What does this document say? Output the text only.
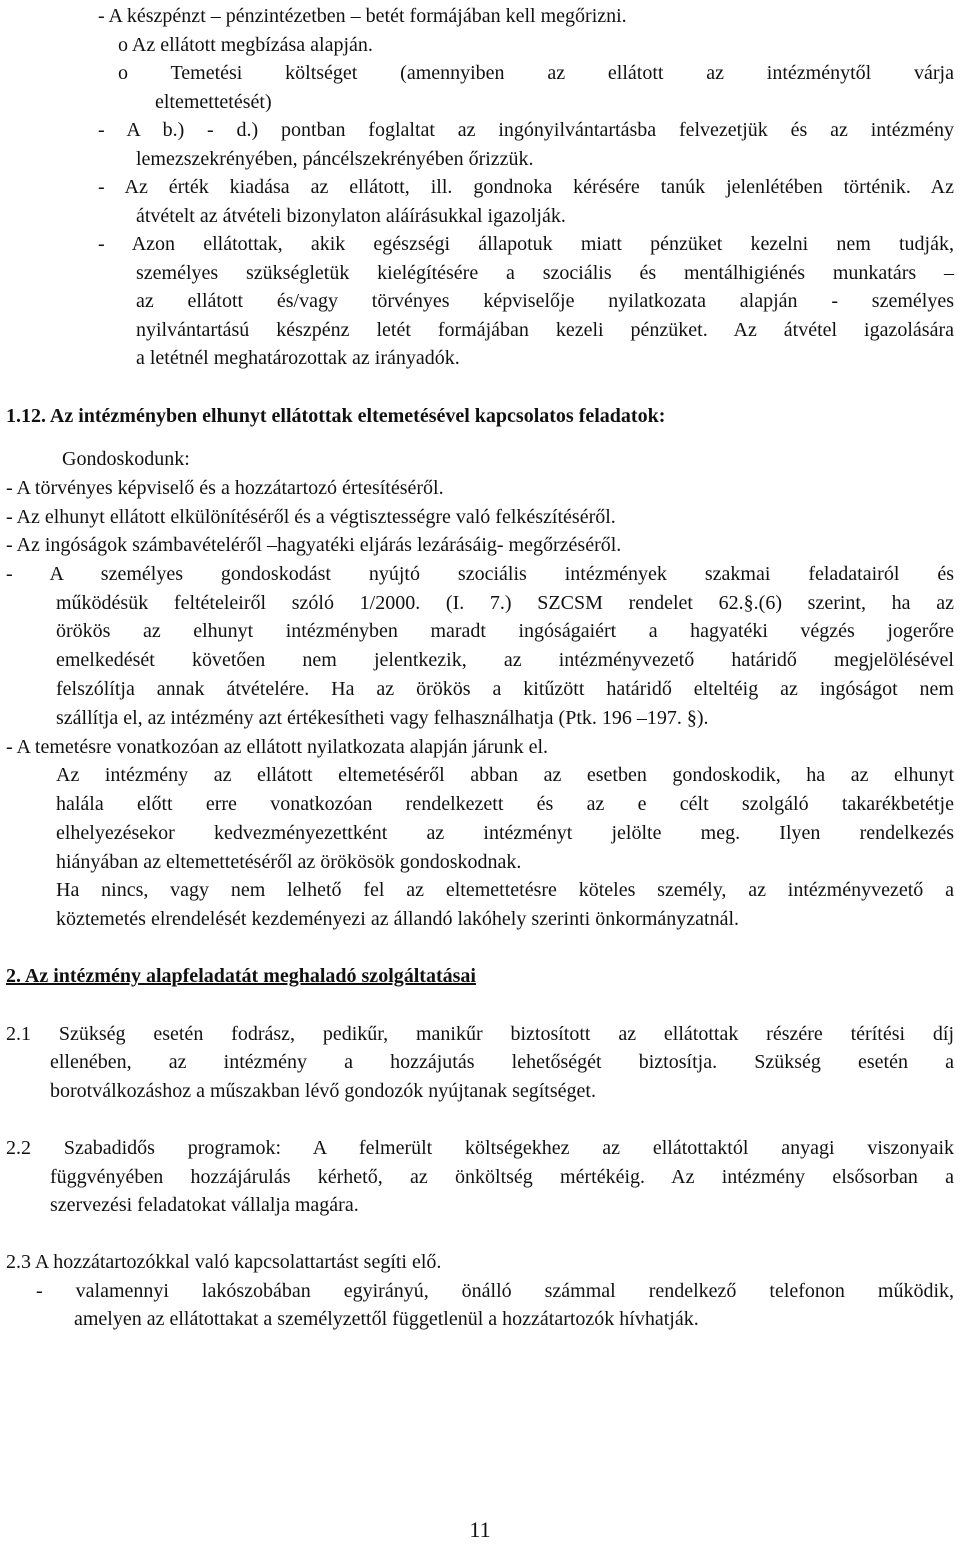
- A készpénzt – pénzintézetben – betét formájában kell megőrizni.

o Az ellátott megbízása alapján.

o Temetési költséget (amennyiben az ellátott az intézménytől várja

eltemettetését)

- A b.) - d.) pontban foglaltat az ingónyilvántartásba felvezetjük és az intézmény

lemezszekrényében, páncélszekrényében őrizzük.

- Az érték kiadása az ellátott, ill. gondnoka kérésére tanúk jelenlétében történik. Az

átvételt az átvételi bizonylaton aláírásukkal igazolják.

- Azon ellátottak, akik egészségi állapotuk miatt pénzüket kezelni nem tudják,

személyes szükségletük kielégítésére a szociális és mentálhigiénés munkatárs –

az ellátott és/vagy törvényes képviselője nyilatkozata alapján - személyes

nyilvántartású készpénz letét formájában kezeli pénzüket. Az átvétel igazolására

a letétnél meghatározottak az irányadók.

1.12. Az intézményben elhunyt ellátottak eltemetésével kapcsolatos feladatok:

Gondoskodunk:

- A törvényes képviselő és a hozzátartozó értesítéséről.

- Az elhunyt ellátott elkülönítéséről és a végtisztességre való felkészítéséről.

- Az ingóságok számbavételéről –hagyatéki eljárás lezárásáig- megőrzéséről.

- A személyes gondoskodást nyújtó szociális intézmények szakmai feladatairól és

működésük feltételeiről szóló 1/2000. (I. 7.) SZCSM rendelet 62.§.(6) szerint, ha az

örökös az elhunyt intézményben maradt ingóságaiért a hagyatéki végzés jogerőre

emelkedését követően nem jelentkezik, az intézményvezető határidő megjelölésével

felszólítja annak átvételére. Ha az örökös a kitűzött határidő elteltéig az ingóságot nem

szállítja el, az intézmény azt értékesítheti vagy felhasználhatja (Ptk. 196 –197. §).

- A temetésre vonatkozóan az ellátott nyilatkozata alapján járunk el.

Az intézmény az ellátott eltemetéséről abban az esetben gondoskodik, ha az elhunyt

halála előtt erre vonatkozóan rendelkezett és az e célt szolgáló takarékbetétje

elhelyezésekor kedvezményezettként az intézményt jelölte meg. Ilyen rendelkezés

hiányában az eltemettetéséről az örökösök gondoskodnak.

Ha nincs, vagy nem lelhető fel az eltemettetésre köteles személy, az intézményvezető a

köztemetés elrendelését kezdeményezi az állandó lakóhely szerinti önkormányzatnál.

2. Az intézmény alapfeladatát meghaladó szolgáltatásai

2.1 Szükség esetén fodrász, pedikűr, manikűr biztosított az ellátottak részére térítési díj

ellenében, az intézmény a hozzájutás lehetőségét biztosítja. Szükség esetén a

borotválkozáshoz a műszakban lévő gondozók nyújtanak segítséget.

2.2 Szabadidős programok: A felmerült költségekhez az ellátottaktól anyagi viszonyaik

függvényében hozzájárulás kérhető, az önköltség mértékéig. Az intézmény elsősorban a

szervezési feladatokat vállalja magára.

2.3 A hozzátartozókkal való kapcsolattartást segíti elő.

- valamennyi lakószobában egyirányú, önálló számmal rendelkező telefonon működik,

amelyen az ellátottakat a személyzettől függetlenül a hozzátartozók hívhatják.

11
